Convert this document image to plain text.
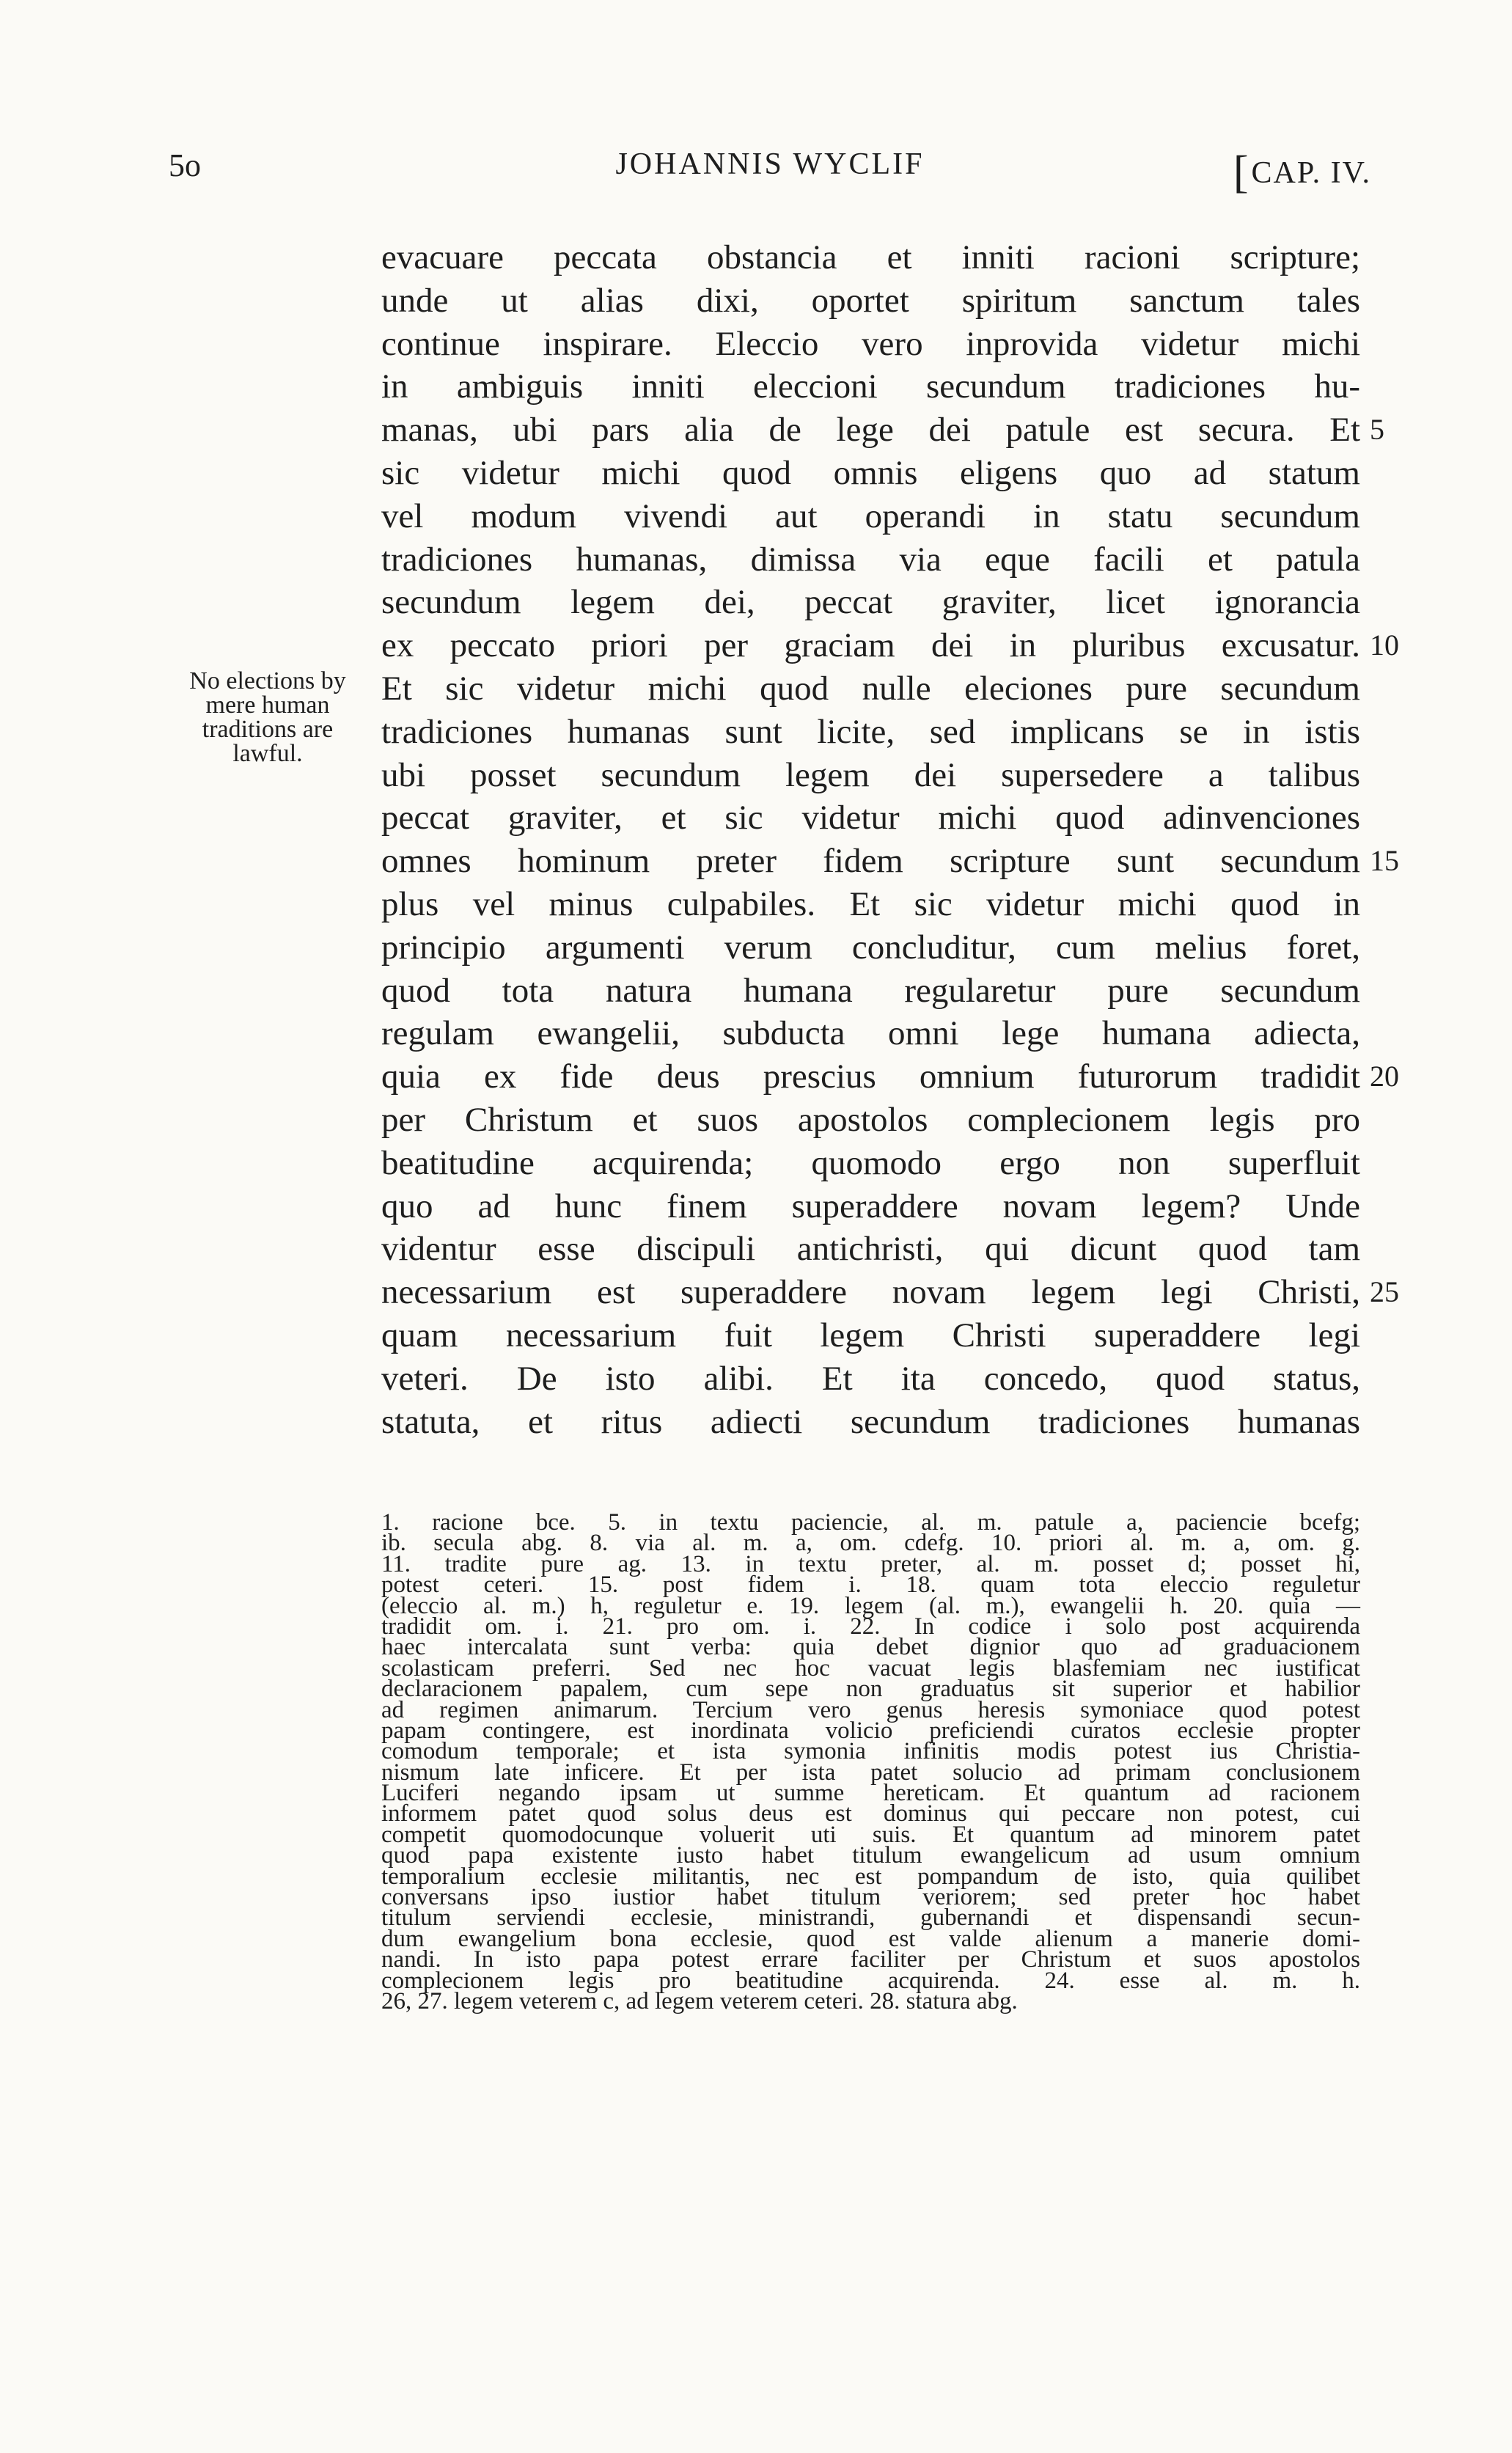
5o	JOHANNIS WYCLIF	[CAP. IV.
evacuare peccata obstancia et inniti racioni scripture;
unde ut alias dixi, oportet spiritum sanctum tales
continue inspirare. Eleccio vero inprovida videtur michi
in ambiguis inniti eleccioni secundum tradiciones hu-
manas, ubi pars alia de lege dei patule est secura. Et
sic videtur michi quod omnis eligens quo ad statum
vel modum vivendi aut operandi in statu secundum
tradiciones humanas, dimissa via eque facili et patula
secundum legem dei, peccat graviter, licet ignorancia
ex peccato priori per graciam dei in pluribus excusatur.
Et sic videtur michi quod nulle eleciones pure secundum
tradiciones humanas sunt licite, sed implicans se in istis
ubi posset secundum legem dei supersedere a talibus
peccat graviter, et sic videtur michi quod adinvenciones
omnes hominum preter fidem scripture sunt secundum
plus vel minus culpabiles. Et sic videtur michi quod in
principio argumenti verum concluditur, cum melius foret,
quod tota natura humana regularetur pure secundum
regulam ewangelii, subducta omni lege humana adiecta,
quia ex fide deus prescius omnium futurorum tradidit
per Christum et suos apostolos complecionem legis pro
beatitudine acquirenda; quomodo ergo non superfluit
quo ad hunc finem superaddere novam legem? Unde
videntur esse discipuli antichristi, qui dicunt quod tam
necessarium est superaddere novam legem legi Christi,
quam necessarium fuit legem Christi superaddere legi
veteri. De isto alibi. Et ita concedo, quod status,
statuta, et ritus adiecti secundum tradiciones humanas
5
10
15
20
25
No elections by
mere human
traditions are
lawful.
1. racione bce. 5. in textu paciencie, al. m. patule a, paciencie bcefg;
ib. secula abg. 8. via al. m. a, om. cdefg. 10. priori al. m. a, om. g.
11. tradite pure ag. 13. in textu preter, al. m. posset d; posset hi,
potest ceteri. 15. post fidem i. 18. quam tota eleccio reguletur
(eleccio al. m.) h, reguletur e. 19. legem (al. m.), ewangelii h. 20. quia —
tradidit om. i. 21. pro om. i. 22. In codice i solo post acquirenda
haec intercalata sunt verba: quia debet dignior quo ad graduacionem
scolasticam preferri. Sed nec hoc vacuat legis blasfemiam nec iustificat
declaracionem papalem, cum sepe non graduatus sit superior et habilior
ad regimen animarum. Tercium vero genus heresis symoniace quod potest
papam contingere, est inordinata volicio preficiendi curatos ecclesie propter
comodum temporale; et ista symonia infinitis modis potest ius Christia-
nismum late inficere. Et per ista patet solucio ad primam conclusionem
Luciferi negando ipsam ut summe hereticam. Et quantum ad racionem
informem patet quod solus deus est dominus qui peccare non potest, cui
competit quomodocunque voluerit uti suis. Et quantum ad minorem patet
quod papa existente iusto habet titulum ewangelicum ad usum omnium
temporalium ecclesie militantis, nec est pompandum de isto, quia quilibet
conversans ipso iustior habet titulum veriorem; sed preter hoc habet
titulum serviendi ecclesie, ministrandi, gubernandi et dispensandi secun-
dum ewangelium bona ecclesie, quod est valde alienum a manerie domi-
nandi. In isto papa potest errare faciliter per Christum et suos apostolos
complecionem legis pro beatitudine acquirenda. 24. esse al. m. h.
26, 27. legem veterem c, ad legem veterem ceteri. 28. statura abg.
